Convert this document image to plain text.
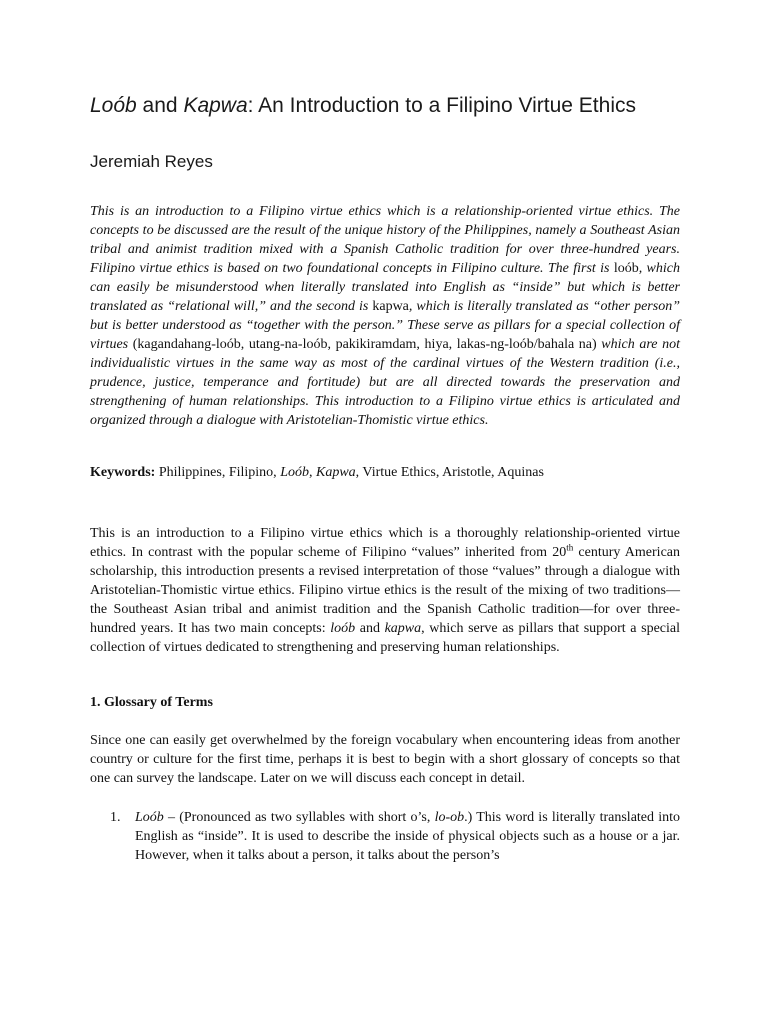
Loób and Kapwa: An Introduction to a Filipino Virtue Ethics
Jeremiah Reyes

This is an introduction to a Filipino virtue ethics which is a relationship-oriented virtue ethics. The concepts to be discussed are the result of the unique history of the Philippines, namely a Southeast Asian tribal and animist tradition mixed with a Spanish Catholic tradition for over three-hundred years. Filipino virtue ethics is based on two foundational concepts in Filipino culture. The first is loób, which can easily be misunderstood when literally translated into English as “inside” but which is better translated as “relational will,” and the second is kapwa, which is literally translated as “other person” but is better understood as “together with the person.” These serve as pillars for a special collection of virtues (kagandahang-loób, utang-na-loób, pakikiramdam, hiya, lakas-ng-loób/bahala na) which are not individualistic virtues in the same way as most of the cardinal virtues of the Western tradition (i.e., prudence, justice, temperance and fortitude) but are all directed towards the preservation and strengthening of human relationships. This introduction to a Filipino virtue ethics is articulated and organized through a dialogue with Aristotelian-Thomistic virtue ethics.

Keywords: Philippines, Filipino, Loób, Kapwa, Virtue Ethics, Aristotle, Aquinas

This is an introduction to a Filipino virtue ethics which is a thoroughly relationship-oriented virtue ethics. In contrast with the popular scheme of Filipino “values” inherited from 20th century American scholarship, this introduction presents a revised interpretation of those “values” through a dialogue with Aristotelian-Thomistic virtue ethics. Filipino virtue ethics is the result of the mixing of two traditions—the Southeast Asian tribal and animist tradition and the Spanish Catholic tradition—for over three-hundred years. It has two main concepts: loób and kapwa, which serve as pillars that support a special collection of virtues dedicated to strengthening and preserving human relationships.

1. Glossary of Terms

Since one can easily get overwhelmed by the foreign vocabulary when encountering ideas from another country or culture for the first time, perhaps it is best to begin with a short glossary of concepts so that one can survey the landscape. Later on we will discuss each concept in detail.

1. Loób – (Pronounced as two syllables with short o’s, lo-ob.) This word is literally translated into English as “inside”. It is used to describe the inside of physical objects such as a house or a jar. However, when it talks about a person, it talks about the person’s
